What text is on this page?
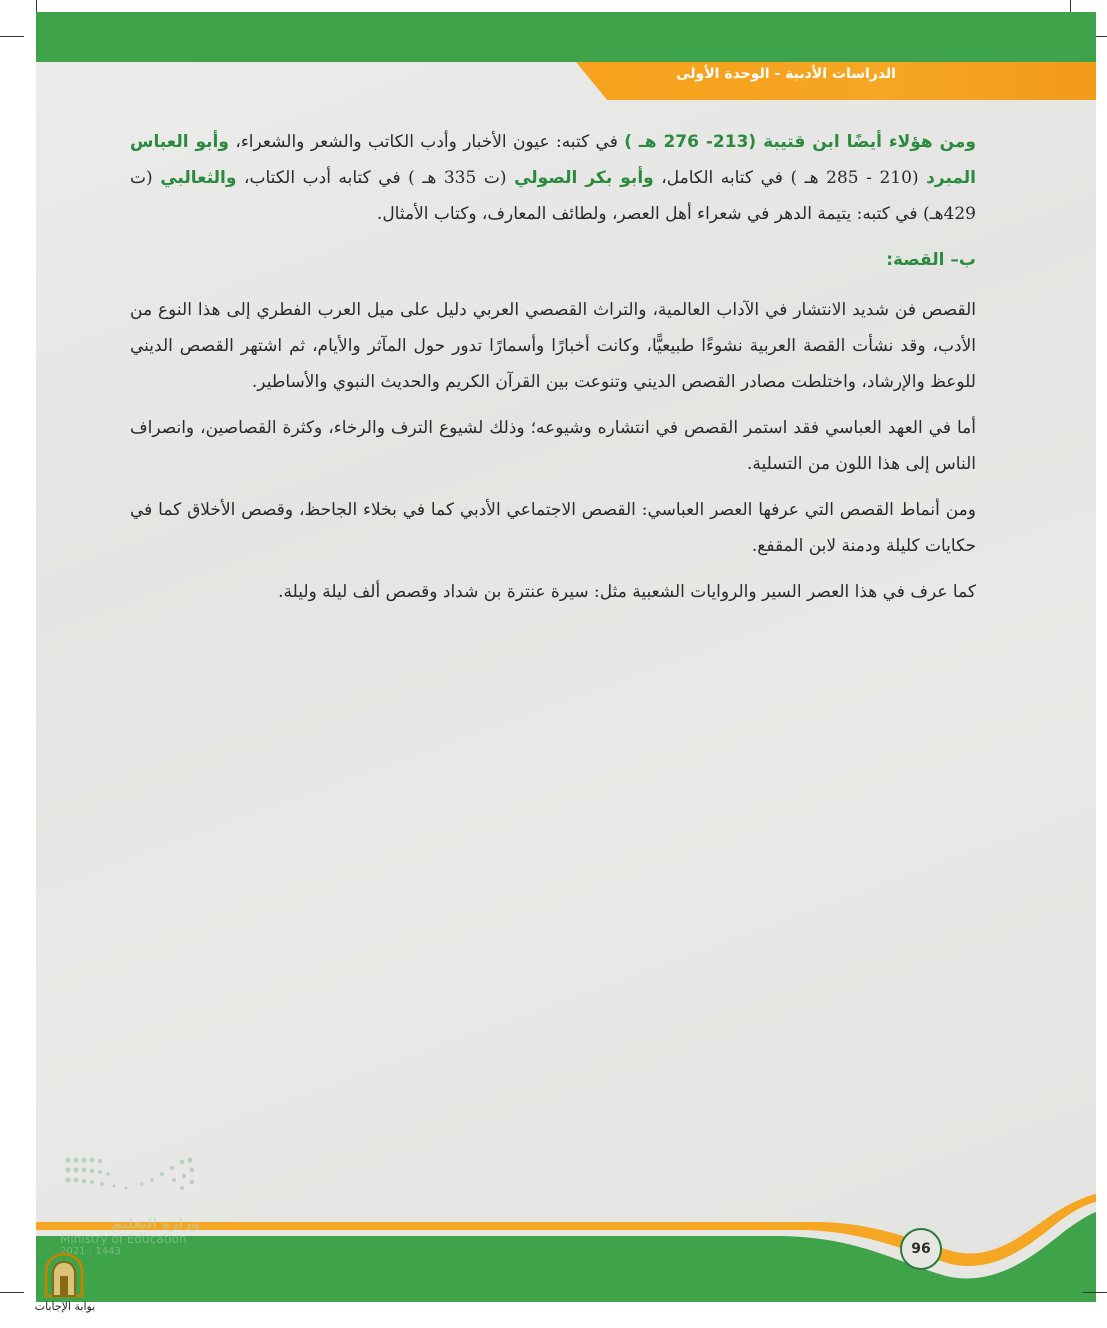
الدراسات الأدبية - الوحدة الأولى

ومن هؤلاء أيضًا ابن قتيبة (213- 276 هـ ) في كتبه: عيون الأخبار وأدب الكاتب والشعر والشعراء، وأبو العباس المبرد (210 - 285 هـ ) في كتابه الكامل، وأبو بكر الصولي (ت 335 هـ ) في كتابه أدب الكتاب، والثعالبي (ت 429هـ) في كتبه: يتيمة الدهر في شعراء أهل العصر، ولطائف المعارف، وكتاب الأمثال.

ب– القصة:

القصص فن شديد الانتشار في الآداب العالمية، والتراث القصصي العربي دليل على ميل العرب الفطري إلى هذا النوع من الأدب، وقد نشأت القصة العربية نشوءًا طبيعيًّا، وكانت أخبارًا وأسمارًا تدور حول المآثر والأيام، ثم اشتهر القصص الديني للوعظ والإرشاد، واختلطت مصادر القصص الديني وتنوعت بين القرآن الكريم والحديث النبوي والأساطير.

أما في العهد العباسي فقد استمر القصص في انتشاره وشيوعه؛ وذلك لشيوع الترف والرخاء، وكثرة القصاصين، وانصراف الناس إلى هذا اللون من التسلية.

ومن أنماط القصص التي عرفها العصر العباسي: القصص الاجتماعي الأدبي كما في بخلاء الجاحظ، وقصص الأخلاق كما في حكايات كليلة ودمنة لابن المقفع.

كما عرف في هذا العصر السير والروايات الشعبية مثل: سيرة عنترة بن شداد وقصص ألف ليلة وليلة.

96
وزارة التعليم
Ministry of Education
2021 - 1443
بوابة الإجابات
